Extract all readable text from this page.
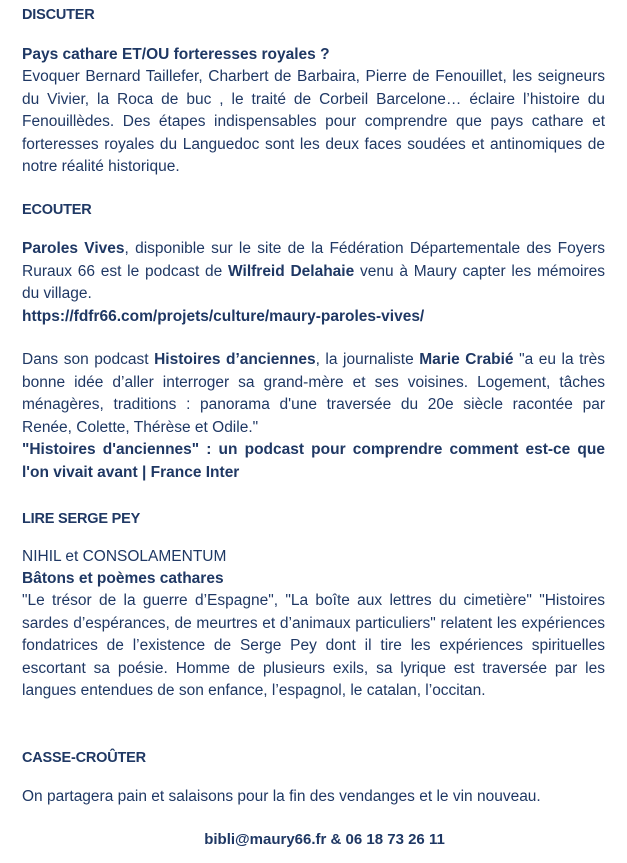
DISCUTER

Pays cathare ET/OU forteresses royales ?

Evoquer Bernard Taillefer, Charbert de Barbaira, Pierre de Fenouillet, les seigneurs du Vivier, la Roca de buc , le traité de Corbeil Barcelone… éclaire l’histoire du Fenouillèdes. Des étapes indispensables pour comprendre que pays cathare et forteresses royales du Languedoc sont les deux faces soudées et antinomiques de notre réalité historique.

ECOUTER

Paroles Vives, disponible sur le site de la Fédération Départementale des Foyers Ruraux 66 est le podcast de Wilfreid Delahaie venu à Maury capter les mémoires du village.

https://fdfr66.com/projets/culture/maury-paroles-vives/

Dans son podcast Histoires d’anciennes, la journaliste Marie Crabié "a eu la très bonne idée d’aller interroger sa grand-mère et ses voisines. Logement, tâches ménagères, traditions : panorama d'une traversée du 20e siècle racontée par Renée, Colette, Thérèse et Odile."

"Histoires d'anciennes" : un podcast pour comprendre comment est-ce que l'on vivait avant | France Inter

LIRE SERGE PEY

NIHIL et CONSOLAMENTUM

Bâtons et poèmes cathares

"Le trésor de la guerre d’Espagne", "La boîte aux lettres du cimetière" "Histoires sardes d’espérances, de meurtres et d’animaux particuliers" relatent les expériences fondatrices de l’existence de Serge Pey dont il tire les expériences spirituelles escortant sa poésie. Homme de plusieurs exils, sa lyrique est traversée par les langues entendues de son enfance, l’espagnol, le catalan, l’occitan.

CASSE-CROÛTER

On partagera pain et salaisons pour la fin des vendanges et le vin nouveau.

bibli@maury66.fr & 06 18 73 26 11
